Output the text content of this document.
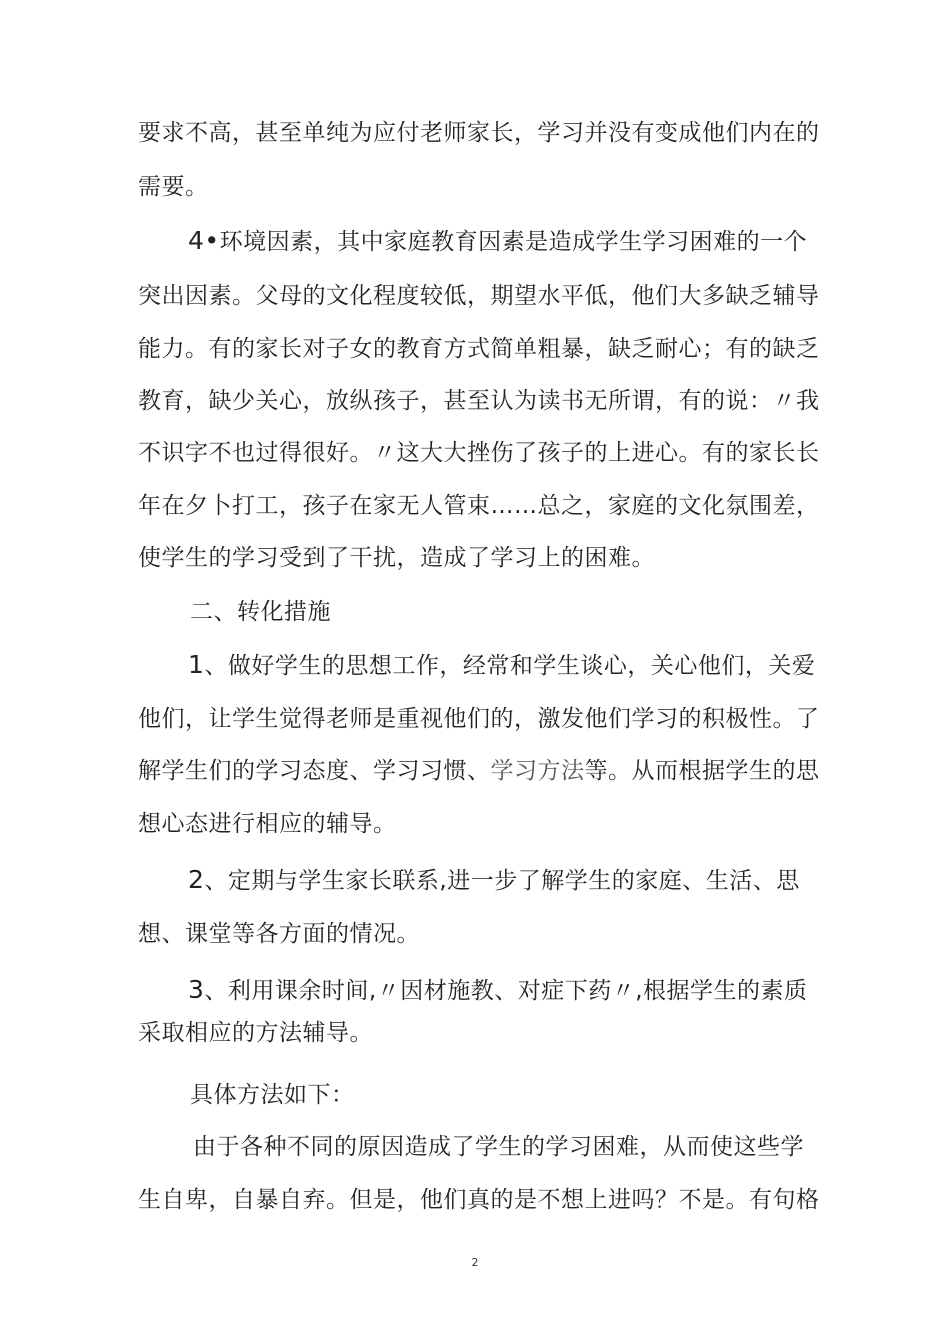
要求不高，甚至单纯为应付老师家长，学习并没有变成他们内在的
需要。
4•环境因素，其中家庭教育因素是造成学生学习困难的一个
突出因素。父母的文化程度较低，期望水平低，他们大多缺乏辅导
能力。有的家长对子女的教育方式简单粗暴，缺乏耐心；有的缺乏
教育，缺少关心，放纵孩子，甚至认为读书无所谓，有的说：〃我
不识字不也过得很好。〃这大大挫伤了孩子的上进心。有的家长长
年在夕卜打工，孩子在家无人管束……总之，家庭的文化氛围差，
使学生的学习受到了干扰，造成了学习上的困难。
二、转化措施
1、做好学生的思想工作，经常和学生谈心，关心他们，关爱
他们，让学生觉得老师是重视他们的，激发他们学习的积极性。了
解学生们的学习态度、学习习惯、学习方法等。从而根据学生的思
想心态进行相应的辅导。
2、定期与学生家长联系,进一步了解学生的家庭、生活、思
想、课堂等各方面的情况。
3、利用课余时间,〃因材施教、对症下药〃,根据学生的素质
采取相应的方法辅导。
具体方法如下：
由于各种不同的原因造成了学生的学习困难，从而使这些学
生自卑，自暴自弃。但是，他们真的是不想上进吗？不是。有句格
2
